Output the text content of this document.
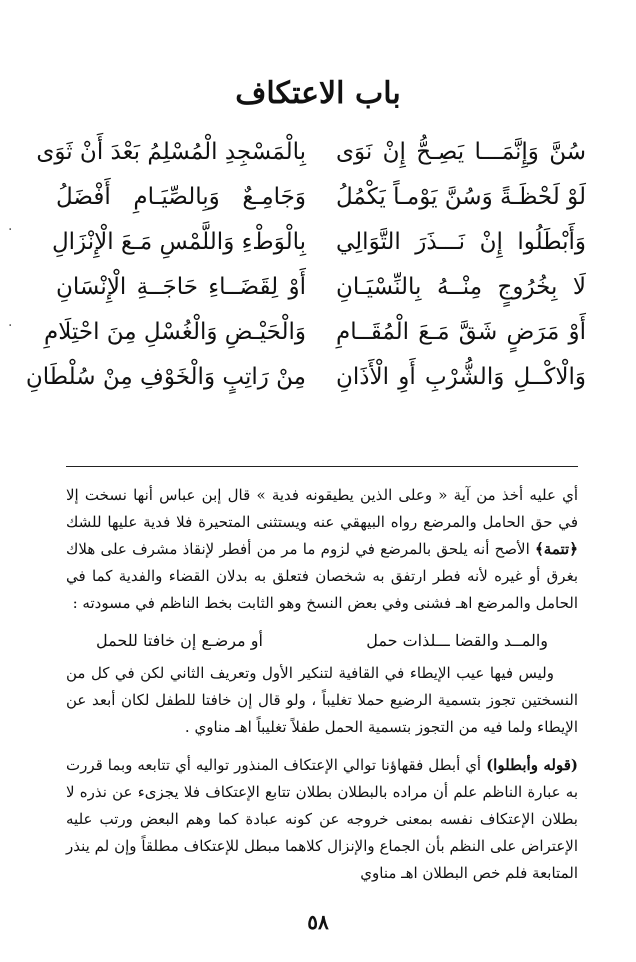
باب الاعتكاف
سُنَّ وَإِنَّمَـــا يَصِـحُّ إِنْ نَوَى
بِالْمَسْجِدِ الْمُسْلِمُ بَعْدَ أَنْ ثَوَى
لَوْ لَحْظَـةً وَسُنَّ يَوْمـاً يَكْمُلُ
وَجَامِـعٌ وَبِالصِّيَـامِ أَفْضَلُ
وَأَبْطَلُوا إِنْ نَـــذَرَ التَّوَالِي
بِالْوَطْءِ وَاللَّمْسِ مَـعَ الْإِنْزَالِ
لَا بِخُرُوجٍ مِنْــهُ بِالنِّسْيَـانِ
أَوْ لِقَضَــاءِ حَاجَــةِ الْإِنْسَانِ
أَوْ مَرَضٍ شَقَّ مَـعَ الْمُقَــامِ
وَالْحَيْـضِ وَالْغُسْلِ مِنَ احْتِلَامِ
وَالْاكْــلِ وَالشُّرْبِ أَوِ الْأَذَانِ
مِنْ رَاتِبٍ وَالْخَوْفِ مِنْ سُلْطَانِ
·
·

أي عليه أخذ من آية « وعلى الذين يطيقونه فدية » قال إبن عباس أنها نسخت إلا في حق الحامل والمرضع رواه البيهقي عنه ويستثنى المتحيرة فلا فدية عليها للشك ﴿تتمة﴾ الأصح أنه يلحق بالمرضع في لزوم ما مر من أفطر لإنقاذ مشرف على هلاك بغرق أو غيره لأنه فطر ارتفق به شخصان فتعلق به بدلان القضاء والفدية كما في الحامل والمرضع اهـ فشنى وفي بعض النسخ وهو الثابت بخط الناظم في مسودته :

والمــد والقضا ـــلذات حمل
أو مرضـع إن خافتا للحمل

وليس فيها عيب الإيطاء في القافية لتنكير الأول وتعريف الثاني لكن في كل من النسختين تجوز بتسمية الرضيع حملا تغليباً ، ولو قال إن خافتا للطفل لكان أبعد عن الإيطاء ولما فيه من التجوز بتسمية الحمل طفلاً تغليباً اهـ مناوي .

(قوله وأبطلوا) أي أبطل فقهاؤنا توالي الإعتكاف المنذور تواليه أي تتابعه وبما قررت به عبارة الناظم علم أن مراده بالبطلان بطلان تتابع الإعتكاف فلا يجزىء عن نذره لا بطلان الإعتكاف نفسه بمعنى خروجه عن كونه عبادة كما وهم البعض ورتب عليه الإعتراض على النظم بأن الجماع والإنزال كلاهما مبطل للإعتكاف مطلقاً وإن لم ينذر المتابعة فلم خص البطلان اهـ مناوي

٥٨
